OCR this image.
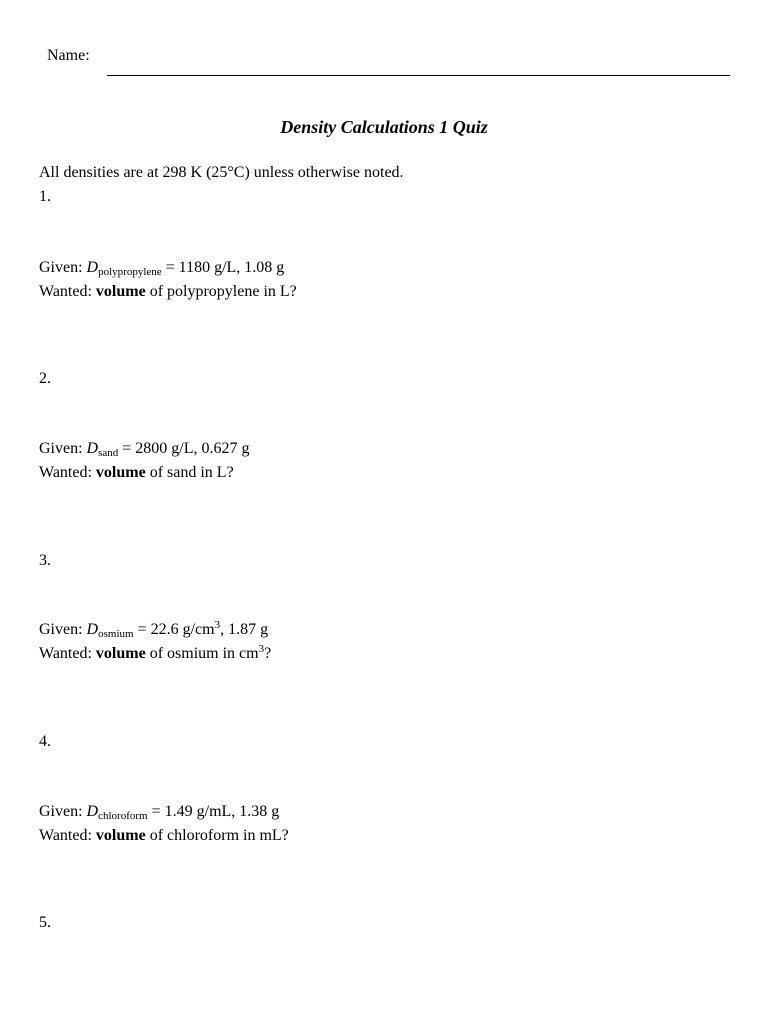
Name:
Density Calculations 1 Quiz
All densities are at 298 K (25°C) unless otherwise noted.
1.
Given: $D_{polypropylene} = 1180$ g/L, 1.08 g
Wanted: volume of polypropylene in L?
2.
Given: $D_{sand} = 2800$ g/L, 0.627 g
Wanted: volume of sand in L?
3.
Given: $D_{osmium} = 22.6$ $g/cm^3$, 1.87 g
Wanted: volume of osmium in $cm^3$?
4.
Given: $D_{chloroform} = 1.49$ g/mL, 1.38 g
Wanted: volume of chloroform in mL?
5.
